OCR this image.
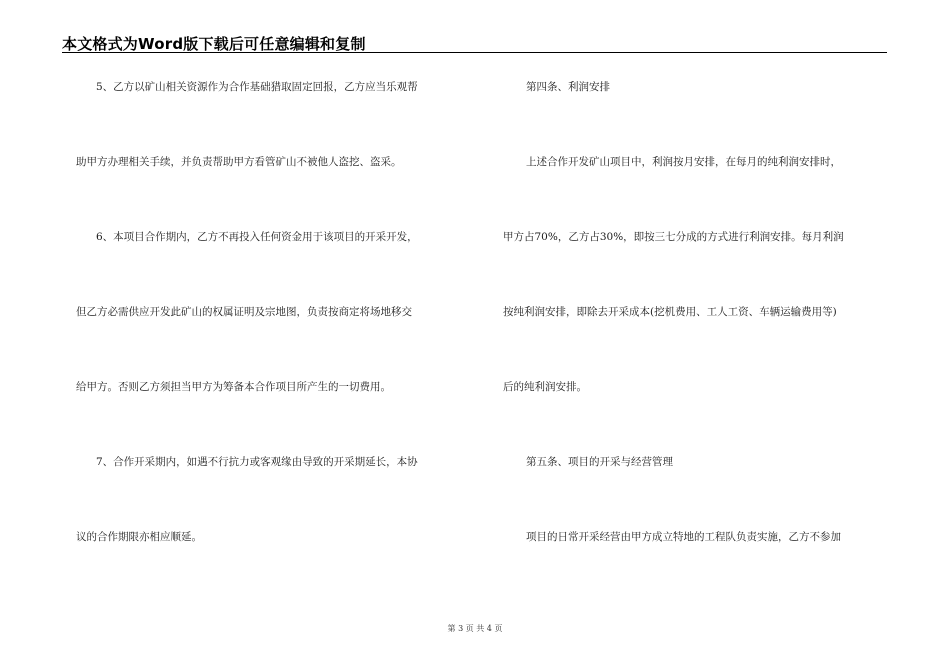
本文格式为Word版下载后可任意编辑和复制
5、乙方以矿山相关资源作为合作基础猎取固定回报，乙方应当乐观帮
助甲方办理相关手续，并负责帮助甲方看管矿山不被他人盗挖、盗采。
6、本项目合作期内，乙方不再投入任何资金用于该项目的开采开发，
但乙方必需供应开发此矿山的权属证明及宗地图，负责按商定将场地移交
给甲方。否则乙方须担当甲方为筹备本合作项目所产生的一切费用。
7、合作开采期内，如遇不行抗力或客观缘由导致的开采期延长，本协
议的合作期限亦相应顺延。
第四条、利润安排
上述合作开发矿山项目中，利润按月安排，在每月的纯利润安排时，
甲方占70%，乙方占30%，即按三七分成的方式进行利润安排。每月利润
按纯利润安排，即除去开采成本(挖机费用、工人工资、车辆运输费用等)
后的纯利润安排。
第五条、项目的开采与经营管理
项目的日常开采经营由甲方成立特地的工程队负责实施，乙方不参加
第 3 页 共 4 页
